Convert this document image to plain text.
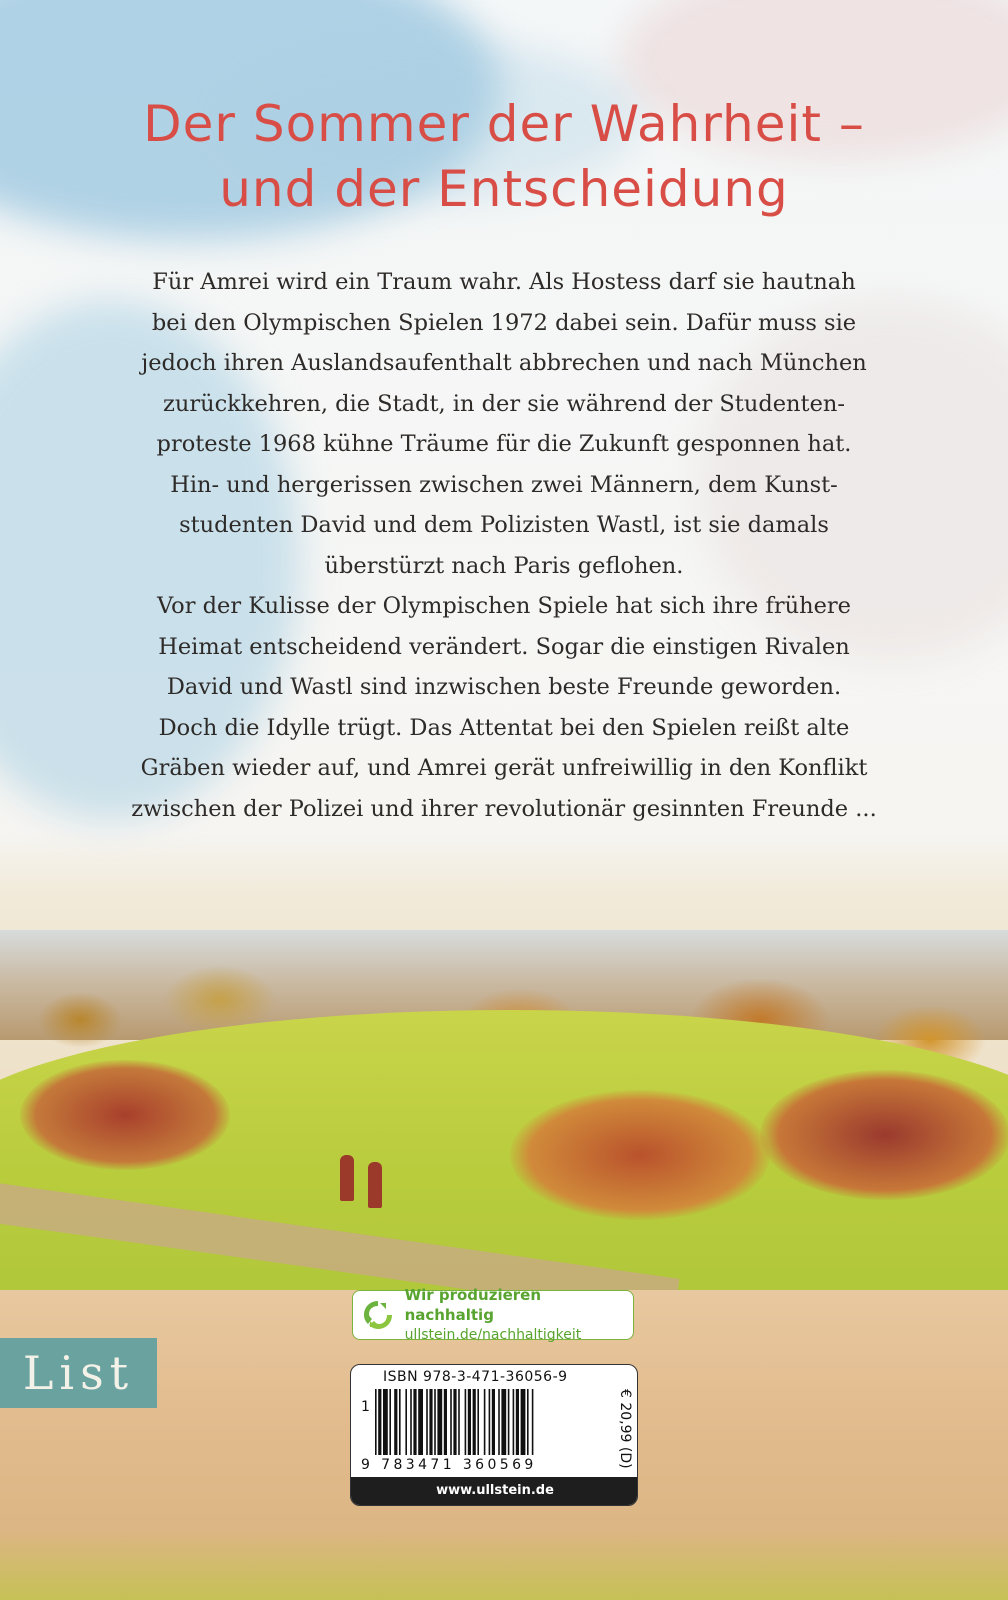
Der Sommer der Wahrheit –
und der Entscheidung

Für Amrei wird ein Traum wahr. Als Hostess darf sie hautnah

bei den Olympischen Spielen 1972 dabei sein. Dafür muss sie

jedoch ihren Auslandsaufenthalt abbrechen und nach München

zurückkehren, die Stadt, in der sie während der Studenten-

proteste 1968 kühne Träume für die Zukunft gesponnen hat.

Hin- und hergerissen zwischen zwei Männern, dem Kunst-

studenten David und dem Polizisten Wastl, ist sie damals

überstürzt nach Paris geflohen.

Vor der Kulisse der Olympischen Spiele hat sich ihre frühere

Heimat entscheidend verändert. Sogar die einstigen Rivalen

David und Wastl sind inzwischen beste Freunde geworden.

Doch die Idylle trügt. Das Attentat bei den Spielen reißt alte

Gräben wieder auf, und Amrei gerät unfreiwillig in den Konflikt

zwischen der Polizei und ihrer revolutionär gesinnten Freunde ...

Wir produzieren nachhaltig
ullstein.de/nachhaltigkeit
List	ISBN 978-3-471-36056-9
1
9 783471 360569	€ 20,99 (D)
www.ullstein.de
